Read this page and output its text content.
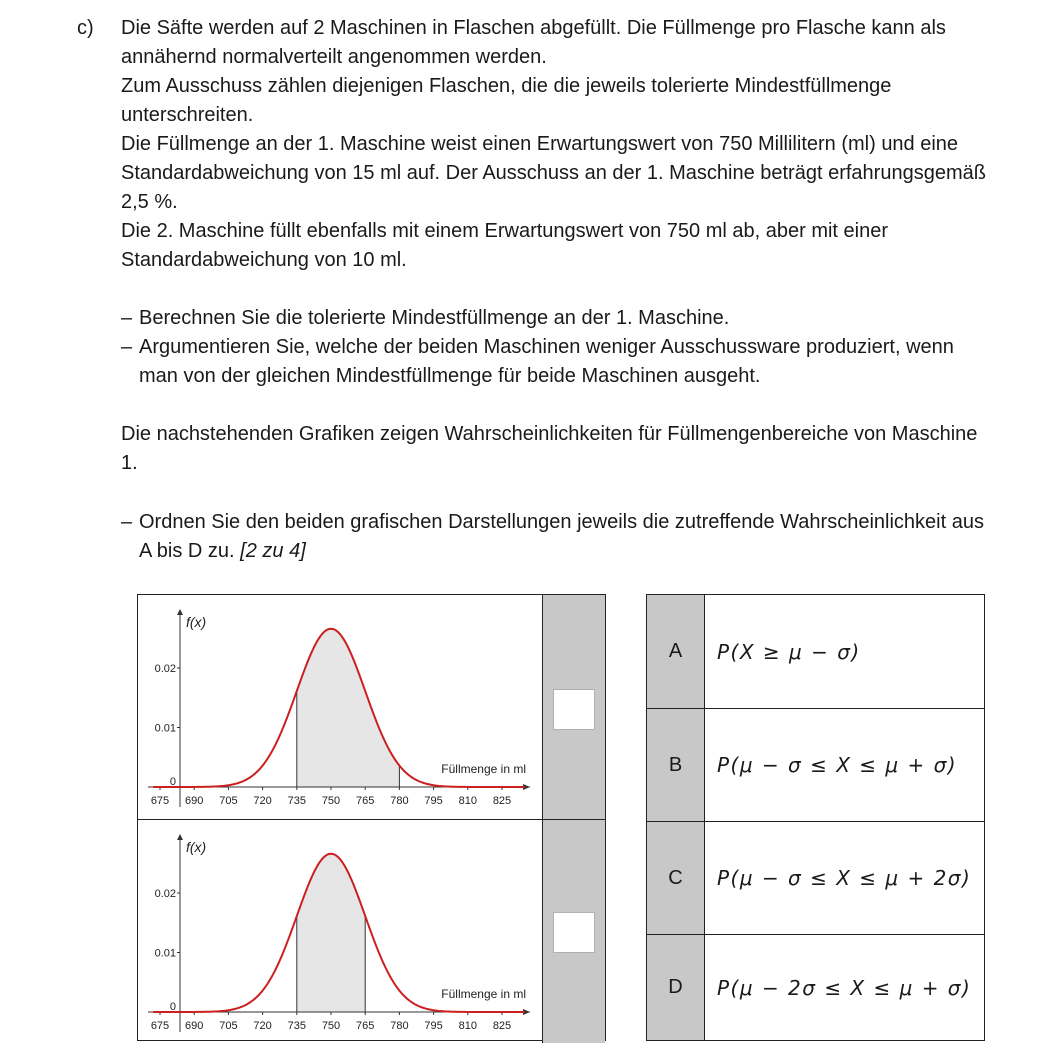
c) Die Säfte werden auf 2 Maschinen in Flaschen abgefüllt. Die Füllmenge pro Flasche kann als annähernd normalverteilt angenommen werden.

Zum Ausschuss zählen diejenigen Flaschen, die die jeweils tolerierte Mindestfüllmenge unterschreiten.

Die Füllmenge an der 1. Maschine weist einen Erwartungswert von 750 Millilitern (ml) und eine Standardabweichung von 15 ml auf. Der Ausschuss an der 1. Maschine beträgt erfahrungsgemäß 2,5 %.

Die 2. Maschine füllt ebenfalls mit einem Erwartungswert von 750 ml ab, aber mit einer Standardabweichung von 10 ml.

– Berechnen Sie die tolerierte Mindestfüllmenge an der 1. Maschine.

– Argumentieren Sie, welche der beiden Maschinen weniger Ausschussware produziert, wenn man von der gleichen Mindestfüllmenge für beide Maschinen ausgeht.

Die nachstehenden Grafiken zeigen Wahrscheinlichkeiten für Füllmengenbereiche von Maschine 1.

– Ordnen Sie den beiden grafischen Darstellungen jeweils die zutreffende Wahrscheinlichkeit aus A bis D zu. [2 zu 4]

f(x)
0.02
0.01
0
675 690 705 720 735 750 765 780 795 810 825
Füllmenge in ml
f(x)
0.02
0.01
0
675 690 705 720 735 750 765 780 795 810 825
Füllmenge in ml
A	P(X ≥ μ − σ)
B	P(μ − σ ≤ X ≤ μ + σ)
C	P(μ − σ ≤ X ≤ μ + 2σ)
D	P(μ − 2σ ≤ X ≤ μ + σ)
